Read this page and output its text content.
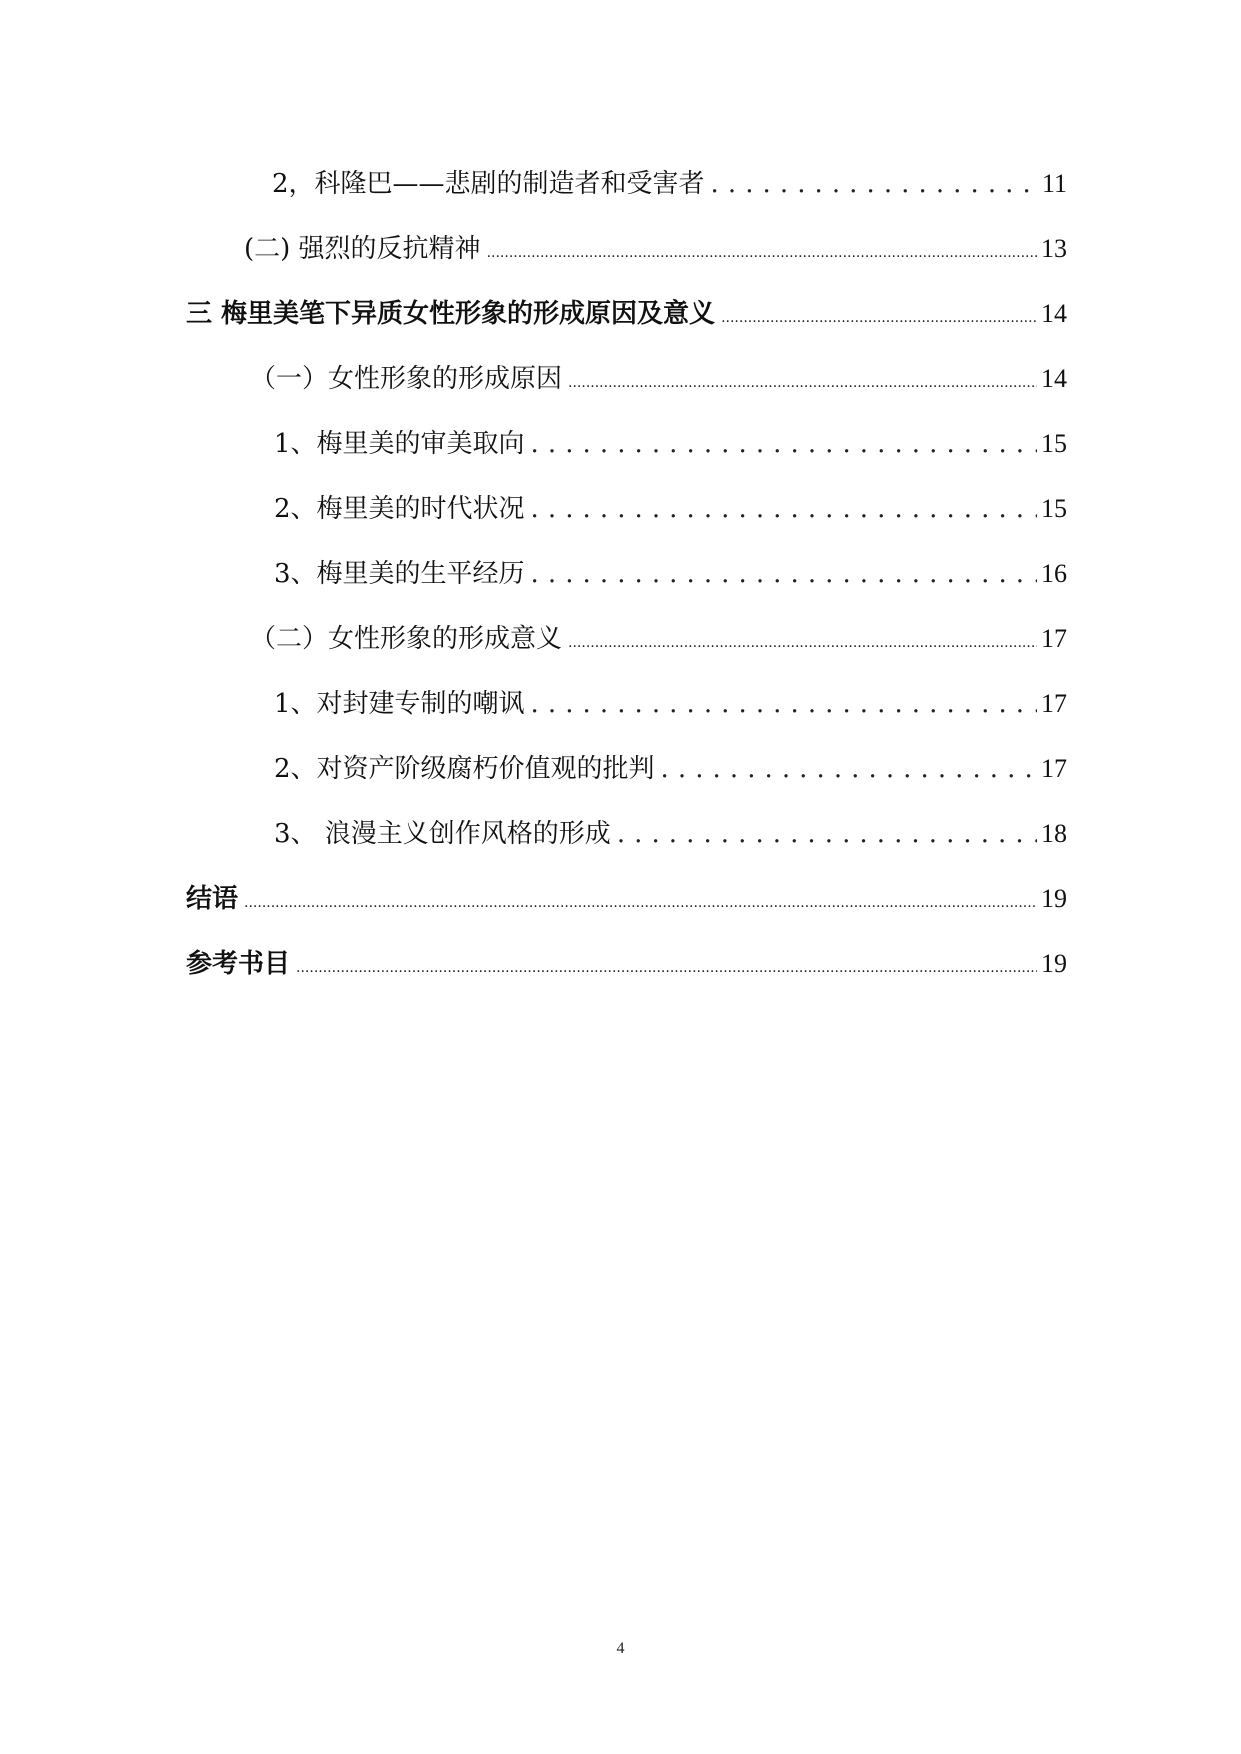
2，科隆巴——悲剧的制造者和受害者 . . .	11
(二) 强烈的反抗精神 .....	13
三 梅里美笔下异质女性形象的形成原因及意义 .....	14
（一）女性形象的形成原因 .....	14
1、梅里美的审美取向 . . .	15
2、梅里美的时代状况 . . .	15
3、梅里美的生平经历 . . .	16
（二）女性形象的形成意义 .....	17
1、对封建专制的嘲讽 . . .	17
2、对资产阶级腐朽价值观的批判 . . .	17
3、 浪漫主义创作风格的形成 . . .	18
结语 .....	19
参考书目 .....	19
4
